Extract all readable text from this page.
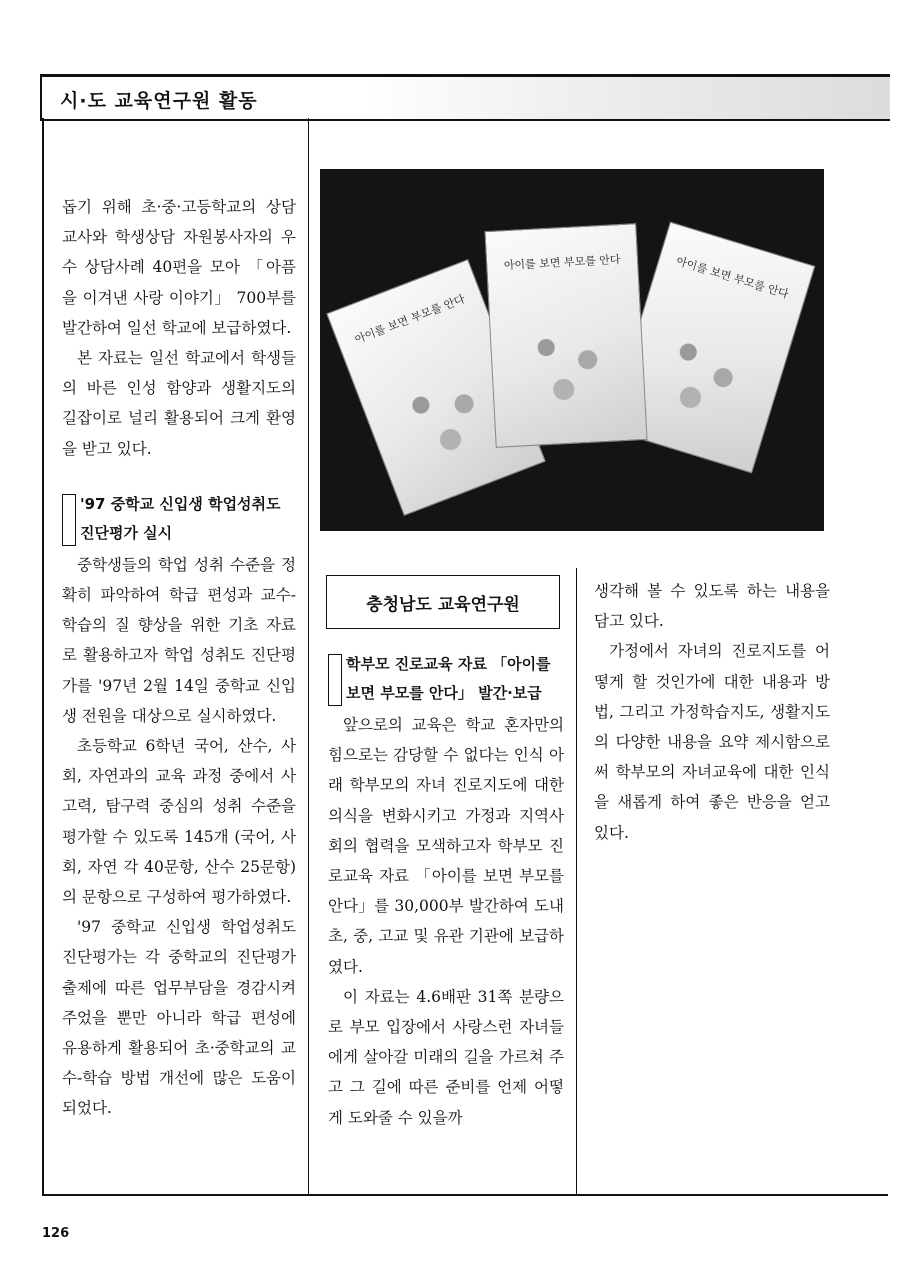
시·도 교육연구원 활동

돕기 위해 초·중·고등학교의 상담교사와 학생상담 자원봉사자의 우수 상담사례 40편을 모아 「아픔을 이겨낸 사랑 이야기」 700부를 발간하여 일선 학교에 보급하였다.

본 자료는 일선 학교에서 학생들의 바른 인성 함양과 생활지도의 길잡이로 널리 활용되어 크게 환영을 받고 있다.

'97 중학교 신입생 학업성취도 진단평가 실시

중학생들의 학업 성취 수준을 정확히 파악하여 학급 편성과 교수-학습의 질 향상을 위한 기초 자료로 활용하고자 학업 성취도 진단평가를 '97년 2월 14일 중학교 신입생 전원을 대상으로 실시하였다.

초등학교 6학년 국어, 산수, 사회, 자연과의 교육 과정 중에서 사고력, 탐구력 중심의 성취 수준을 평가할 수 있도록 145개 (국어, 사회, 자연 각 40문항, 산수 25문항)의 문항으로 구성하여 평가하였다.

'97 중학교 신입생 학업성취도 진단평가는 각 중학교의 진단평가 출제에 따른 업무부담을 경감시켜 주었을 뿐만 아니라 학급 편성에 유용하게 활용되어 초·중학교의 교수-학습 방법 개선에 많은 도움이 되었다.

아이를 보면 부모를 안다
아이를 보면 부모를 안다
아이를 보면 부모를 안다
충청남도 교육연구원
학부모 진로교육 자료 「아이를 보면 부모를 안다」 발간·보급

앞으로의 교육은 학교 혼자만의 힘으로는 감당할 수 없다는 인식 아래 학부모의 자녀 진로지도에 대한 의식을 변화시키고 가정과 지역사회의 협력을 모색하고자 학부모 진로교육 자료 「아이를 보면 부모를 안다」를 30,000부 발간하여 도내 초, 중, 고교 및 유관 기관에 보급하였다.

이 자료는 4.6배판 31쪽 분량으로 부모 입장에서 사랑스런 자녀들에게 살아갈 미래의 길을 가르쳐 주고 그 길에 따른 준비를 언제 어떻게 도와줄 수 있을까

생각해 볼 수 있도록 하는 내용을 담고 있다.

가정에서 자녀의 진로지도를 어떻게 할 것인가에 대한 내용과 방법, 그리고 가정학습지도, 생활지도의 다양한 내용을 요약 제시함으로써 학부모의 자녀교육에 대한 인식을 새롭게 하여 좋은 반응을 얻고 있다.

126
